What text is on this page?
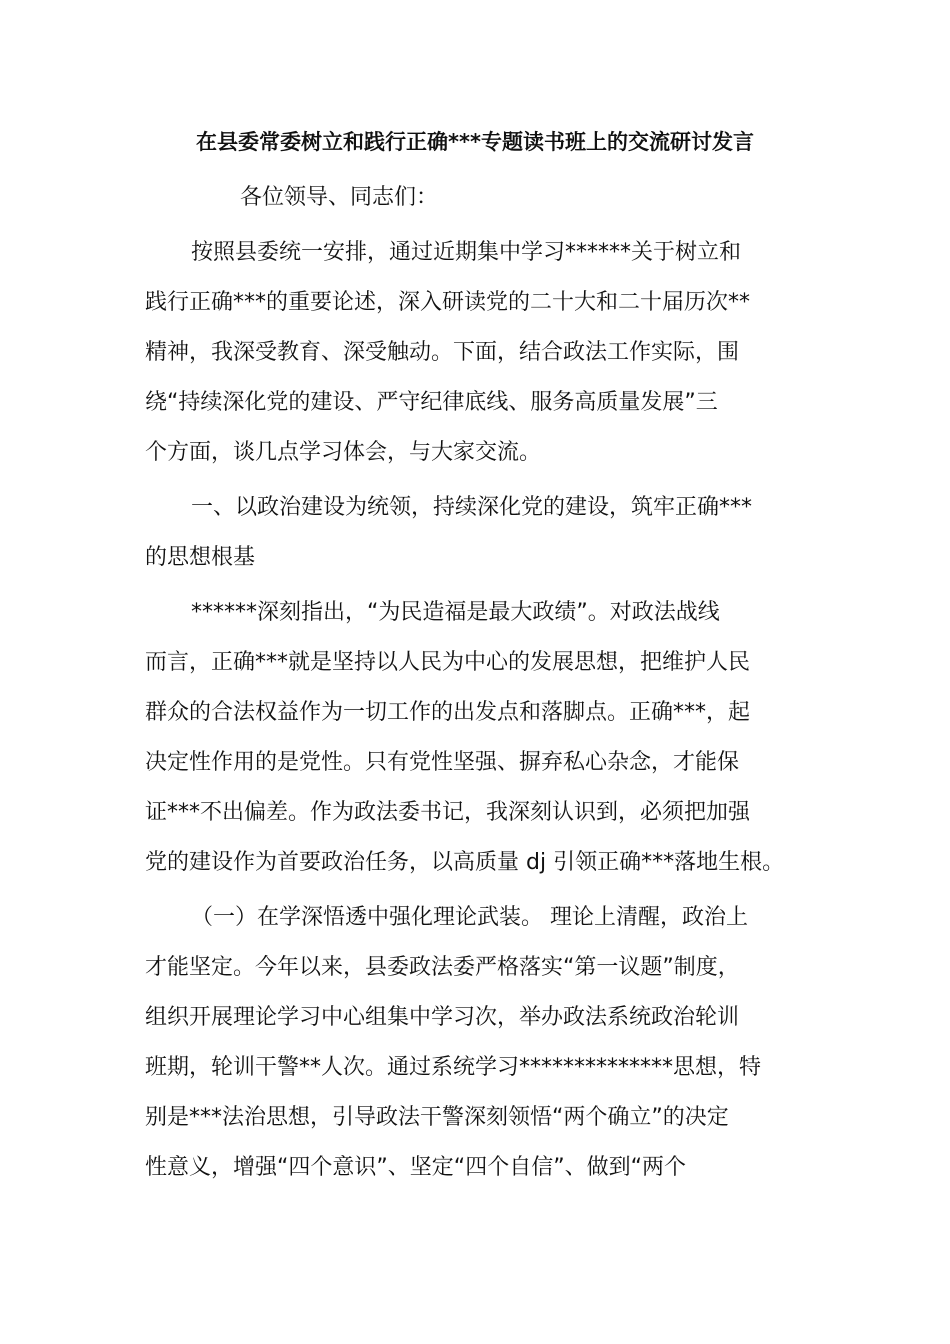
在县委常委树立和践行正确***专题读书班上的交流研讨发言
各位领导、同志们：
按照县委统一安排，通过近期集中学习******关于树立和
践行正确***的重要论述，深入研读党的二十大和二十届历次**
精神，我深受教育、深受触动。下面，结合政法工作实际，围
绕“持续深化党的建设、严守纪律底线、服务高质量发展”三
个方面，谈几点学习体会，与大家交流。
一、以政治建设为统领，持续深化党的建设，筑牢正确***
的思想根基
******深刻指出，“为民造福是最大政绩”。对政法战线
而言，正确***就是坚持以人民为中心的发展思想，把维护人民
群众的合法权益作为一切工作的出发点和落脚点。正确***，起
决定性作用的是党性。只有党性坚强、摒弃私心杂念，才能保
证***不出偏差。作为政法委书记，我深刻认识到，必须把加强
党的建设作为首要政治任务，以高质量 dj 引领正确***落地生根。
（一）在学深悟透中强化理论武装。 理论上清醒，政治上
才能坚定。今年以来，县委政法委严格落实“第一议题”制度，
组织开展理论学习中心组集中学习次，举办政法系统政治轮训
班期，轮训干警**人次。通过系统学习**************思想，特
别是***法治思想，引导政法干警深刻领悟“两个确立”的决定
性意义，增强“四个意识”、坚定“四个自信”、做到“两个
